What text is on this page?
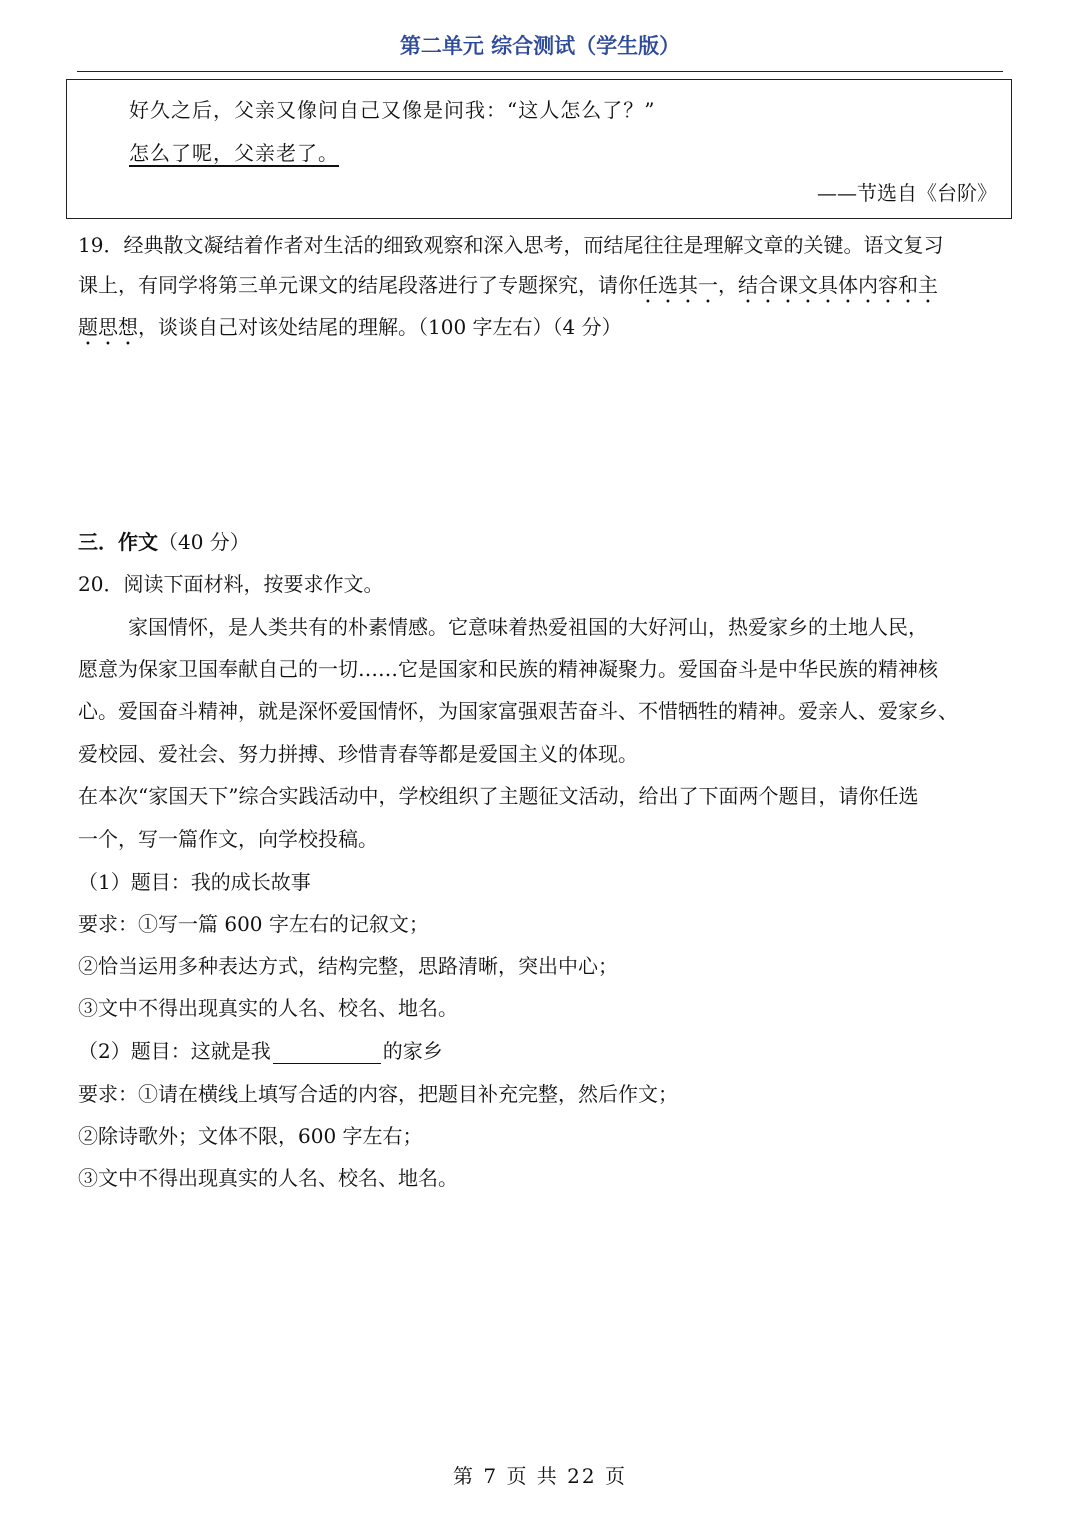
第二单元 综合测试（学生版）
好久之后，父亲又像问自己又像是问我：“这人怎么了？”
怎么了呢，父亲老了。
——节选自《台阶》
19．经典散文凝结着作者对生活的细致观察和深入思考，而结尾往往是理解文章的关键。语文复习
课上，有同学将第三单元课文的结尾段落进行了专题探究，请你任选其一，结合课文具体内容和主
题思想，谈谈自己对该处结尾的理解。（100 字左右）（4 分）
三．作文（40 分）
20．阅读下面材料，按要求作文。
家国情怀，是人类共有的朴素情感。它意味着热爱祖国的大好河山，热爱家乡的土地人民，
愿意为保家卫国奉献自己的一切……它是国家和民族的精神凝聚力。爱国奋斗是中华民族的精神核
心。爱国奋斗精神，就是深怀爱国情怀，为国家富强艰苦奋斗、不惜牺牲的精神。爱亲人、爱家乡、
爱校园、爱社会、努力拼搏、珍惜青春等都是爱国主义的体现。
在本次“家国天下”综合实践活动中，学校组织了主题征文活动，给出了下面两个题目，请你任选
一个，写一篇作文，向学校投稿。
（1）题目：我的成长故事
要求：①写一篇 600 字左右的记叙文；
②恰当运用多种表达方式，结构完整，思路清晰，突出中心；
③文中不得出现真实的人名、校名、地名。
（2）题目：这就是我	的家乡
要求：①请在横线上填写合适的内容，把题目补充完整，然后作文；
②除诗歌外；文体不限，600 字左右；
③文中不得出现真实的人名、校名、地名。
第 7 页 共 22 页
